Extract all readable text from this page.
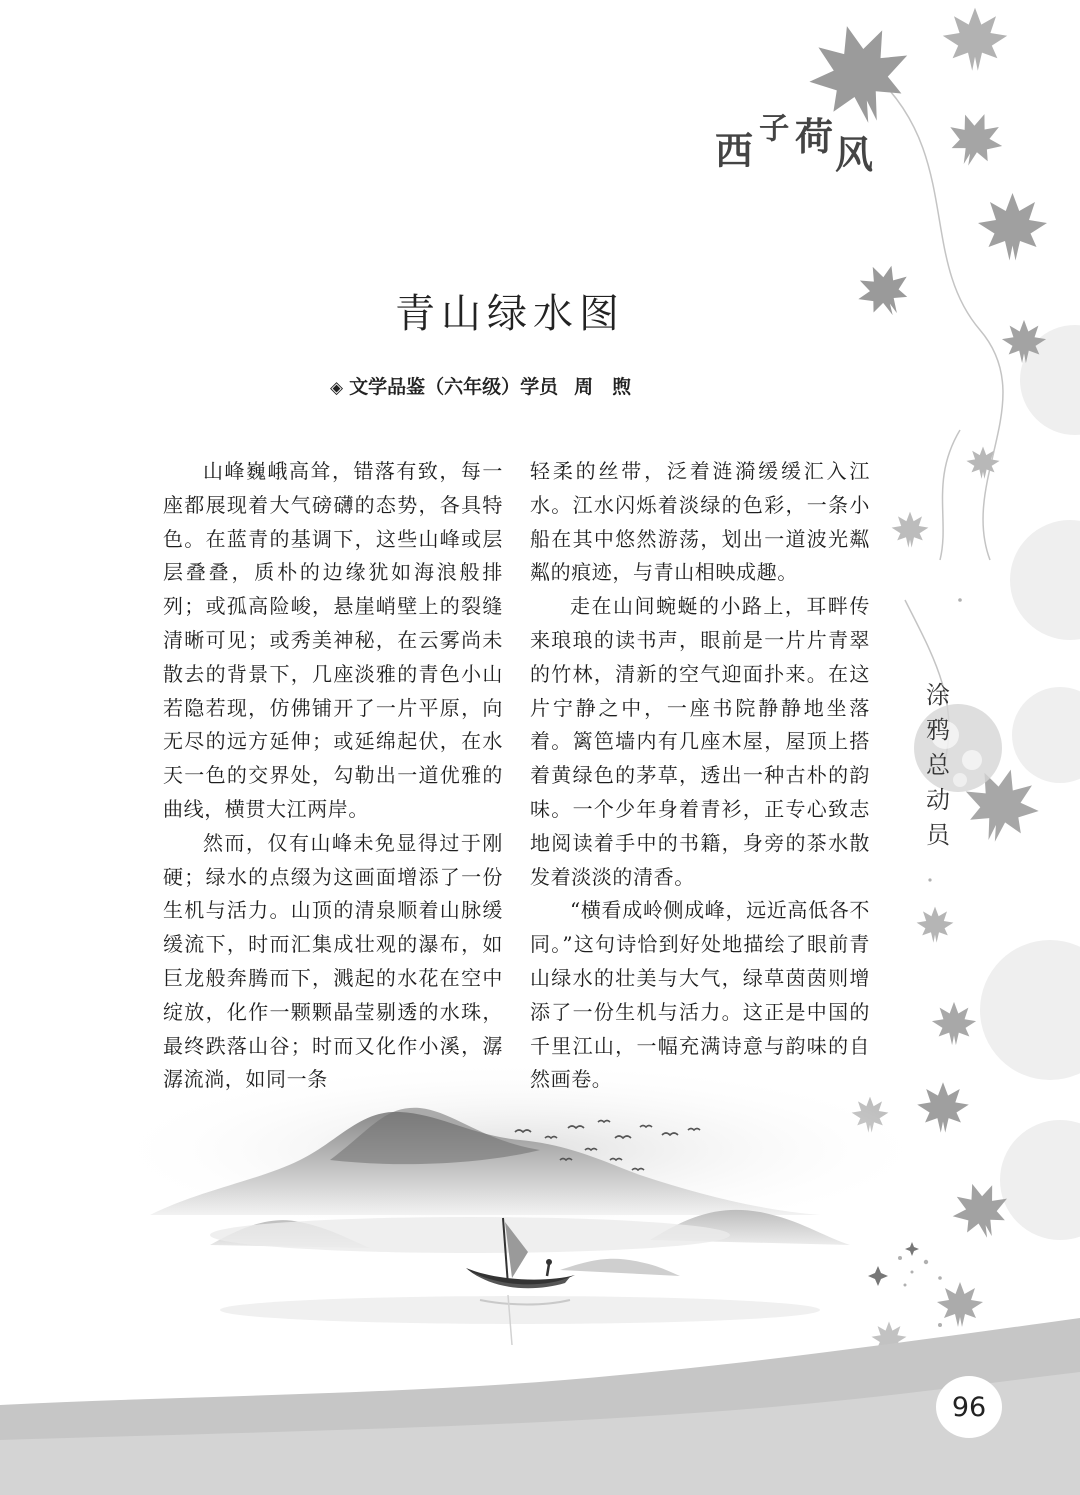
西子 荷风
青山绿水图
◈ 文学品鉴（六年级）学员 周　煦

山峰巍峨高耸，错落有致，每一座都展现着大气磅礴的态势，各具特色。在蓝青的基调下，这些山峰或层层叠叠，质朴的边缘犹如海浪般排列；或孤高险峻，悬崖峭壁上的裂缝清晰可见；或秀美神秘，在云雾尚未散去的背景下，几座淡雅的青色小山若隐若现，仿佛铺开了一片平原，向无尽的远方延伸；或延绵起伏，在水天一色的交界处，勾勒出一道优雅的曲线，横贯大江两岸。

然而，仅有山峰未免显得过于刚硬；绿水的点缀为这画面增添了一份生机与活力。山顶的清泉顺着山脉缓缓流下，时而汇集成壮观的瀑布，如巨龙般奔腾而下，溅起的水花在空中绽放，化作一颗颗晶莹剔透的水珠，最终跌落山谷；时而又化作小溪，潺潺流淌，如同一条

轻柔的丝带，泛着涟漪缓缓汇入江水。江水闪烁着淡绿的色彩，一条小船在其中悠然游荡，划出一道波光粼粼的痕迹，与青山相映成趣。

走在山间蜿蜒的小路上，耳畔传来琅琅的读书声，眼前是一片片青翠的竹林，清新的空气迎面扑来。在这片宁静之中，一座书院静静地坐落着。篱笆墙内有几座木屋，屋顶上搭着黄绿色的茅草，透出一种古朴的韵味。一个少年身着青衫，正专心致志地阅读着手中的书籍，身旁的茶水散发着淡淡的清香。

“横看成岭侧成峰，远近高低各不同。”这句诗恰到好处地描绘了眼前青山绿水的壮美与大气，绿草茵茵则增添了一份生机与活力。这正是中国的千里江山，一幅充满诗意与韵味的自然画卷。

涂
鸦
总
动
员
96
